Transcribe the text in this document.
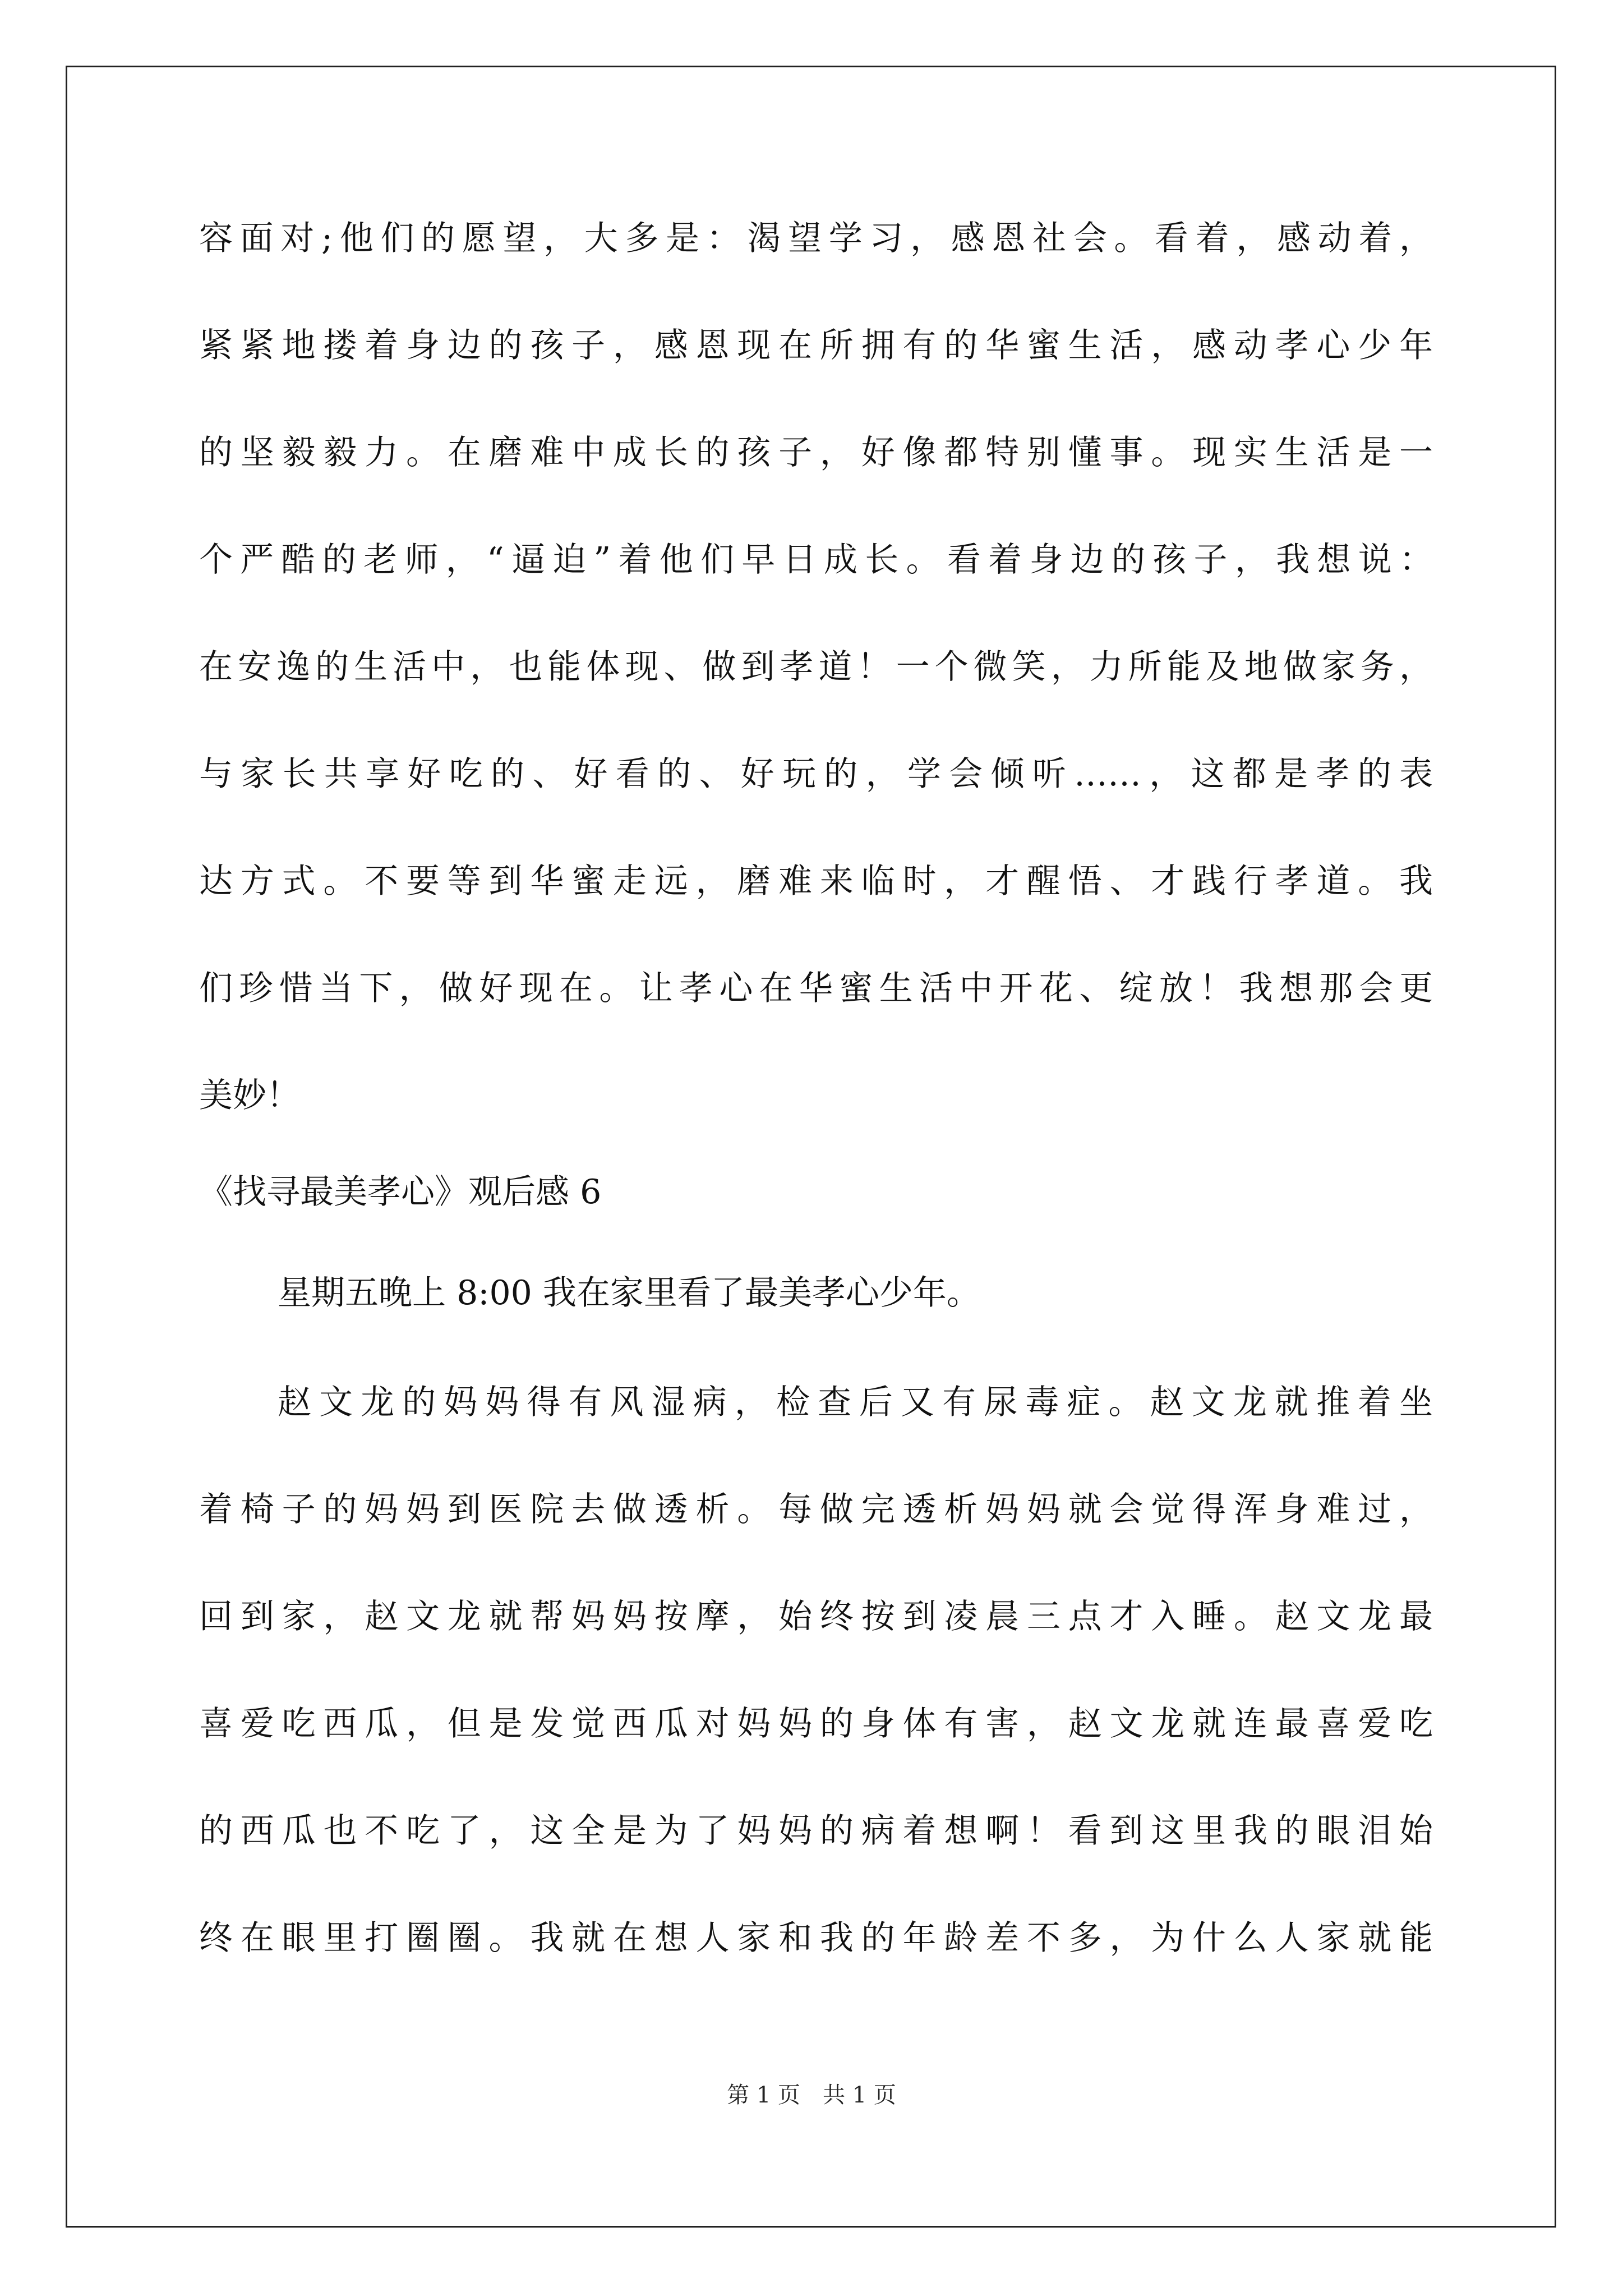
容面对;他们的愿望，大多是：渴望学习，感恩社会。看着，感动着，
紧紧地搂着身边的孩子，感恩现在所拥有的华蜜生活，感动孝心少年
的坚毅毅力。在磨难中成长的孩子，好像都特别懂事。现实生活是一
个严酷的老师，“逼迫”着他们早日成长。看着身边的孩子，我想说：
在安逸的生活中，也能体现、做到孝道！一个微笑，力所能及地做家务，
与家长共享好吃的、好看的、好玩的，学会倾听……，这都是孝的表
达方式。不要等到华蜜走远，磨难来临时，才醒悟、才践行孝道。我
们珍惜当下，做好现在。让孝心在华蜜生活中开花、绽放！我想那会更
美妙！
《找寻最美孝心》观后感 6
星期五晚上 8:00 我在家里看了最美孝心少年。
赵文龙的妈妈得有风湿病，检查后又有尿毒症。赵文龙就推着坐
着椅子的妈妈到医院去做透析。每做完透析妈妈就会觉得浑身难过，
回到家，赵文龙就帮妈妈按摩，始终按到凌晨三点才入睡。赵文龙最
喜爱吃西瓜，但是发觉西瓜对妈妈的身体有害，赵文龙就连最喜爱吃
的西瓜也不吃了，这全是为了妈妈的病着想啊！看到这里我的眼泪始
终在眼里打圈圈。我就在想人家和我的年龄差不多，为什么人家就能
第 1 页　共 1 页
